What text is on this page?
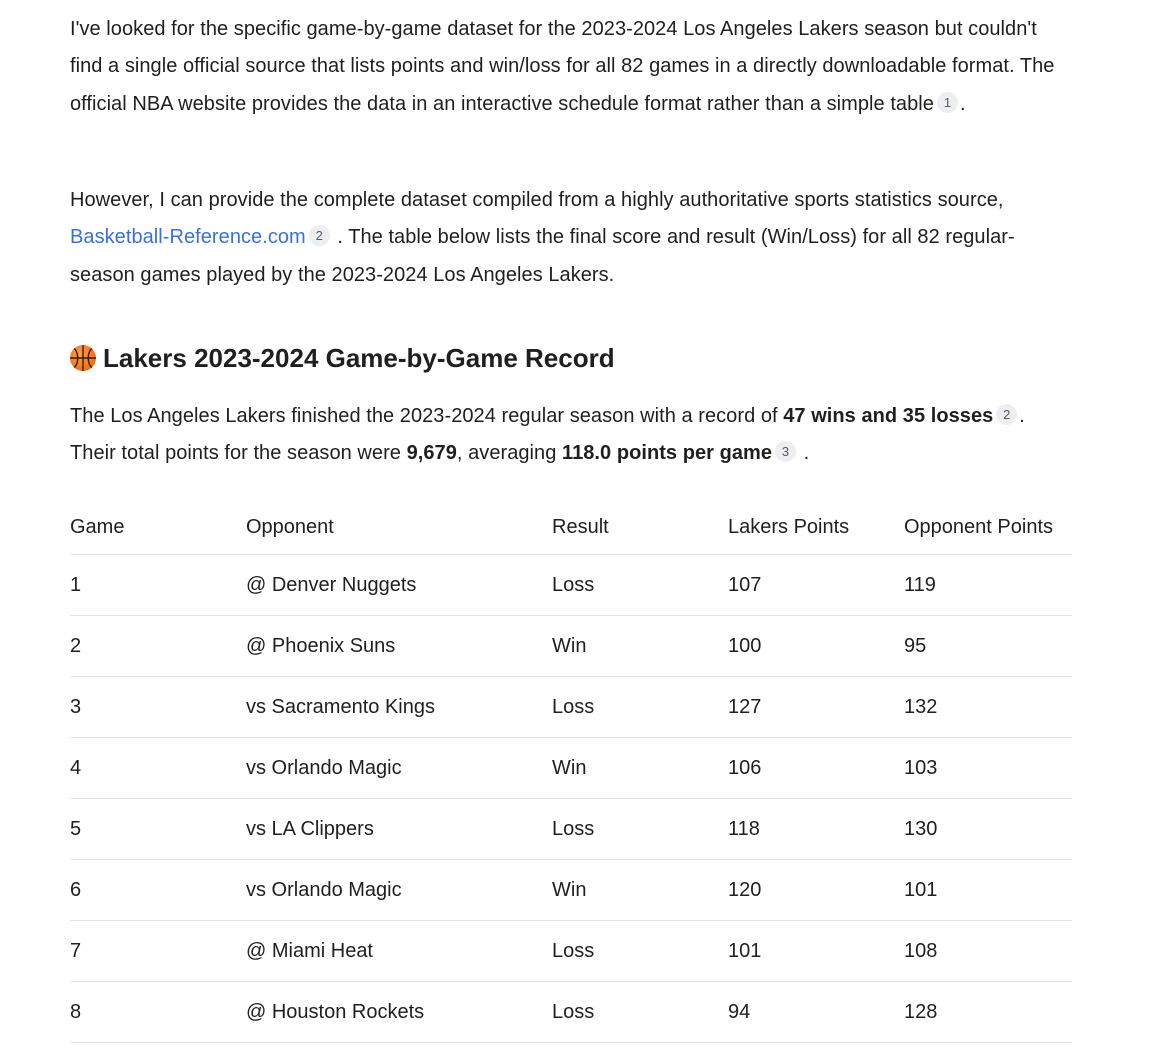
I've looked for the specific game-by-game dataset for the 2023-2024 Los Angeles Lakers season but couldn't find a single official source that lists points and win/loss for all 82 games in a directly downloadable format. The official NBA website provides the data in an interactive schedule format rather than a simple table 1 .

However, I can provide the complete dataset compiled from a highly authoritative sports statistics source, Basketball-Reference.com 2 . The table below lists the final score and result (Win/Loss) for all 82 regular-season games played by the 2023-2024 Los Angeles Lakers.

Lakers 2023-2024 Game-by-Game Record

The Los Angeles Lakers finished the 2023-2024 regular season with a record of 47 wins and 35 losses 2 . Their total points for the season were 9,679, averaging 118.0 points per game 3 .

Game	Opponent	Result	Lakers Points	Opponent Points
1	@ Denver Nuggets	Loss	107	119
2	@ Phoenix Suns	Win	100	95
3	vs Sacramento Kings	Loss	127	132
4	vs Orlando Magic	Win	106	103
5	vs LA Clippers	Loss	118	130
6	vs Orlando Magic	Win	120	101
7	@ Miami Heat	Loss	101	108
8	@ Houston Rockets	Loss	94	128
